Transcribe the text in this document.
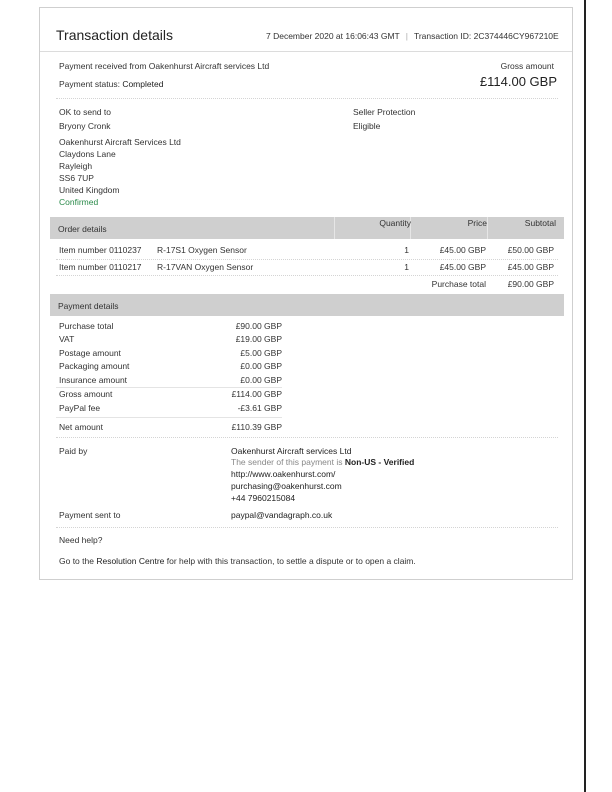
Transaction details	7 December 2020 at 16:06:43 GMT | Transaction ID: 2C374446CY967210E
Payment received from Oakenhurst Aircraft services Ltd	Gross amount
Payment status: Completed	£114.00 GBP
OK to send to
Bryony Cronk
Oakenhurst Aircraft Services Ltd
Claydons Lane
Rayleigh
SS6 7UP
United Kingdom
Confirmed
Seller Protection
Eligible
Order details
Quantity	Price	Subtotal
Item number 0110237 R-17S1 Oxygen Sensor	1	£45.00 GBP	£50.00 GBP
Item number 0110217 R-17VAN Oxygen Sensor	1	£45.00 GBP	£45.00 GBP
Purchase total	£90.00 GBP
Payment details
Purchase total	£90.00 GBP
VAT	£19.00 GBP
Postage amount	£5.00 GBP
Packaging amount	£0.00 GBP
Insurance amount	£0.00 GBP
Gross amount	£114.00 GBP
PayPal fee	-£3.61 GBP
Net amount	£110.39 GBP
Paid by	Oakenhurst Aircraft services Ltd
The sender of this payment is Non-US - Verified
http://www.oakenhurst.com/
purchasing@oakenhurst.com
+44 7960215084
Payment sent to	paypal@vandagraph.co.uk
Need help?
Go to the Resolution Centre for help with this transaction, to settle a dispute or to open a claim.
